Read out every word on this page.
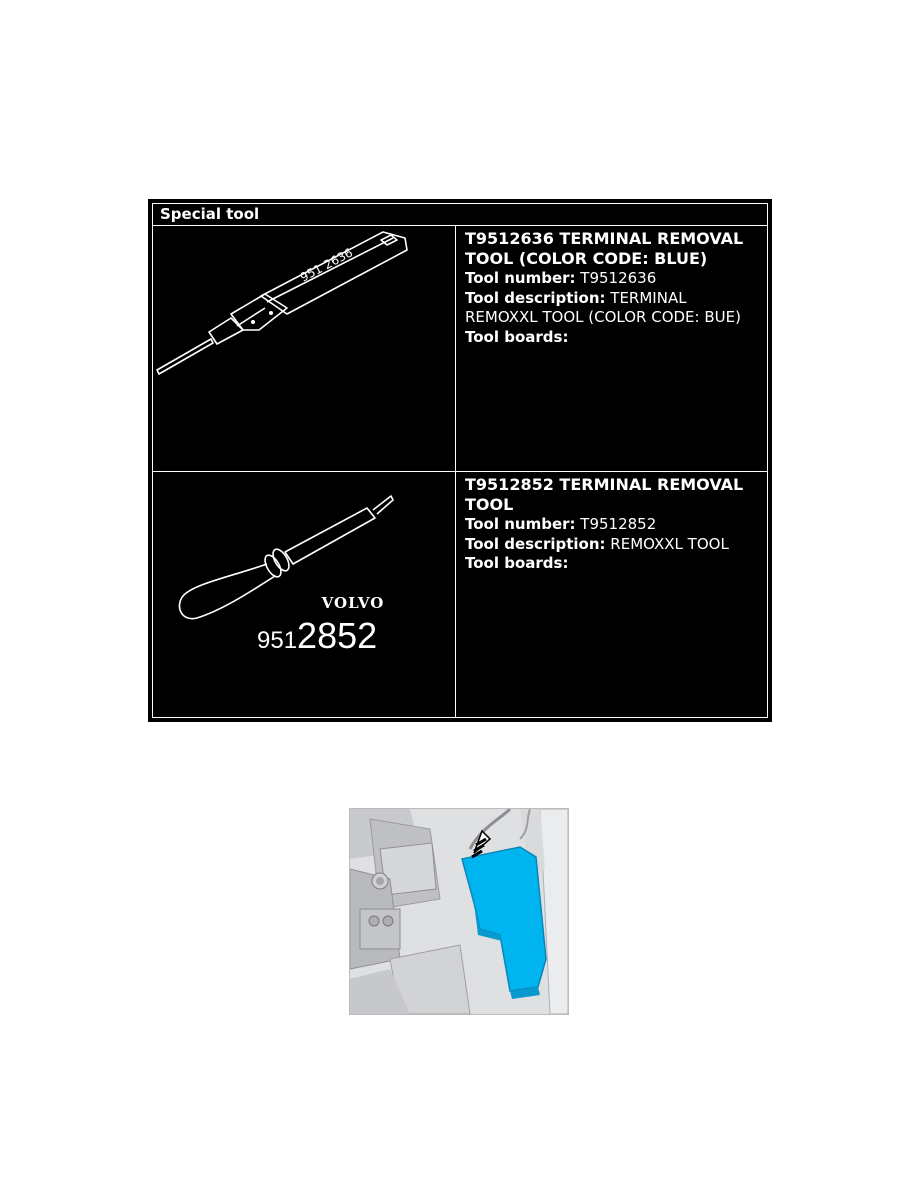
Special tool
951 2636
T9512636 TERMINAL REMOVAL TOOL (COLOR CODE: BLUE)
Tool number: T9512636
Tool description: TERMINAL REMOXXL TOOL (COLOR CODE: BUE)
Tool boards:
VOLVO
9512852
T9512852 TERMINAL REMOVAL TOOL
Tool number: T9512852
Tool description: REMOXXL TOOL
Tool boards:
